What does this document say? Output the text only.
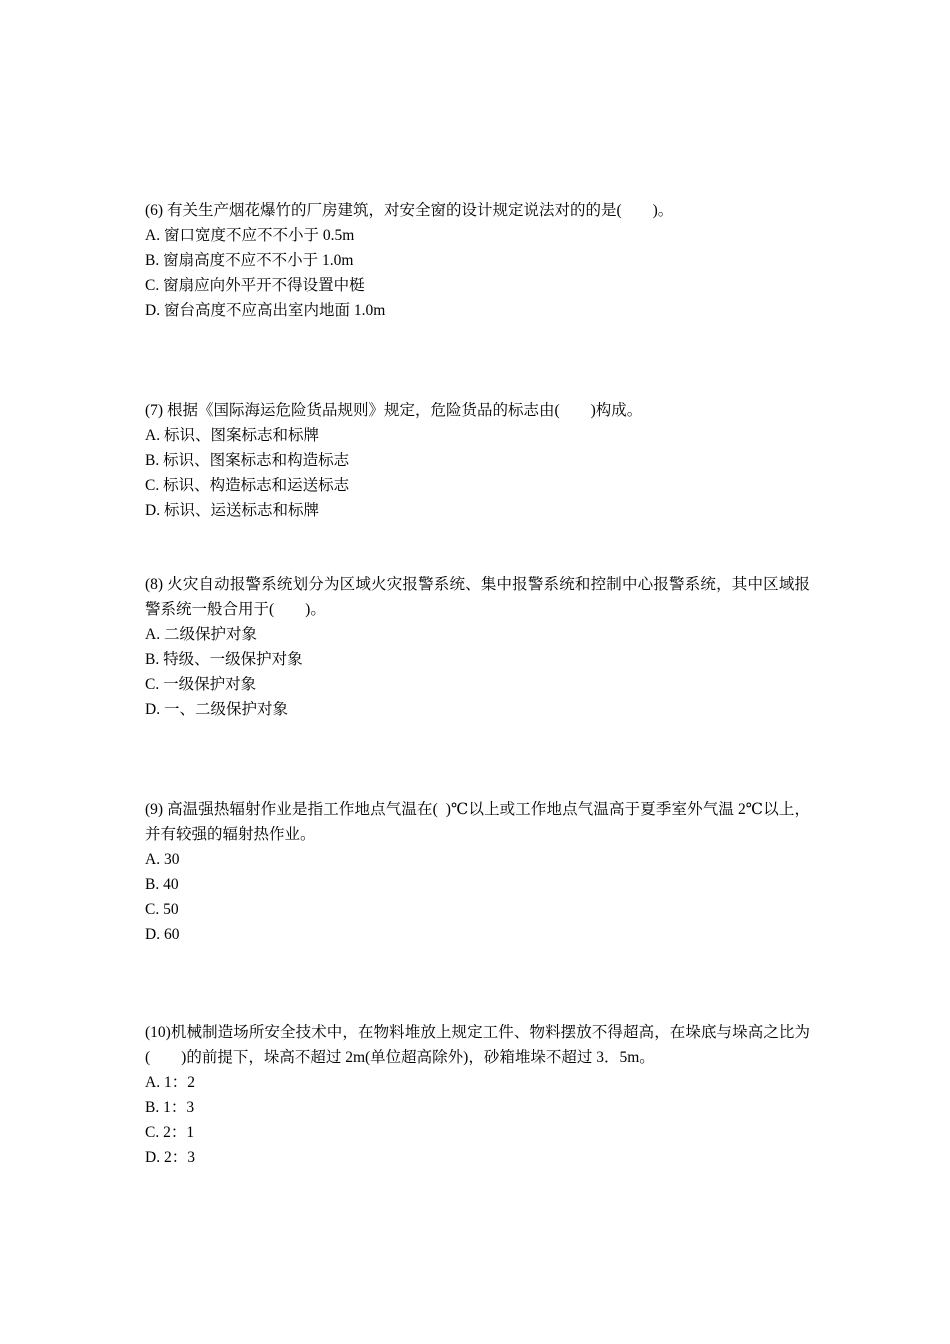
(6) 有关生产烟花爆竹的厂房建筑，对安全窗的设计规定说法对的的是(        )。

A. 窗口宽度不应不不小于 0.5m

B. 窗扇高度不应不不小于 1.0m

C. 窗扇应向外平开不得设置中梃

D. 窗台高度不应高出室内地面 1.0m

(7) 根据《国际海运危险货品规则》规定，危险货品的标志由(        )构成。

A. 标识、图案标志和标牌

B. 标识、图案标志和构造标志

C. 标识、构造标志和运送标志

D. 标识、运送标志和标牌

(8) 火灾自动报警系统划分为区域火灾报警系统、集中报警系统和控制中心报警系统，其中区域报警系统一般合用于(        )。

A. 二级保护对象

B. 特级、一级保护对象

C. 一级保护对象

D. 一、二级保护对象

(9) 高温强热辐射作业是指工作地点气温在(  )℃以上或工作地点气温高于夏季室外气温 2℃以上，并有较强的辐射热作业。

A. 30

B. 40

C. 50

D. 60

(10)机械制造场所安全技术中，在物料堆放上规定工件、物料摆放不得超高，在垛底与垛高之比为(        )的前提下，垛高不超过 2m(单位超高除外)，砂箱堆垛不超过 3．5m。

A. 1：2

B. 1：3

C. 2：1

D. 2：3
